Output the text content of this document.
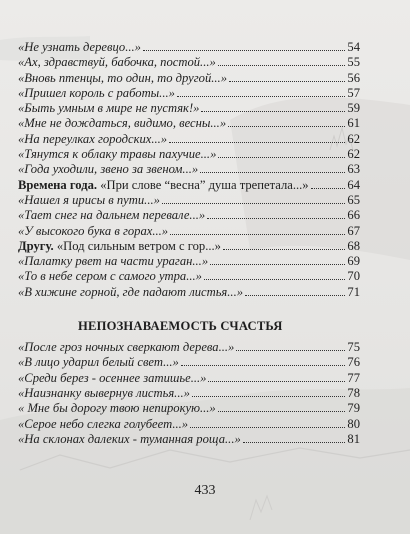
«Не узнать деревцо...»	54
«Ах, здравствуй, бабочка, постой...»	55
«Вновь птенцы, то один, то другой...»	56
«Пришел король с работы...»	57
«Быть умным в мире не пустяк!»	59
«Мне не дождаться, видимо, весны...»	61
«На переулках городских...»	62
«Тянутся к облаку травы пахучие...»	62
«Года уходили, звено за звеном...»	63
Времена года. «При слове “весна” душа трепетала...»	64
«Нашел я ирисы в пути...»	65
«Тает снег на дальнем перевале...»	66
«У высокого бука в горах...»	67
Другу. «Под сильным ветром с гор...»	68
«Палатку рвет на части ураган...»	69
«То в небе сером с самого утра...»	70
«В хижине горной, где падают листья...»	71
НЕПОЗНАВАЕМОСТЬ СЧАСТЬЯ
«После гроз ночных сверкают дерева...»	75
«В лицо ударил белый свет...»	76
«Среди берез - осеннее затишье...»	77
«Наизнанку вывернув листья...»	78
« Мне бы дорогу твою непирокую...»	79
«Серое небо слегка голубеет...»	80
«На склонах далеких - туманная роща...»	81
433
